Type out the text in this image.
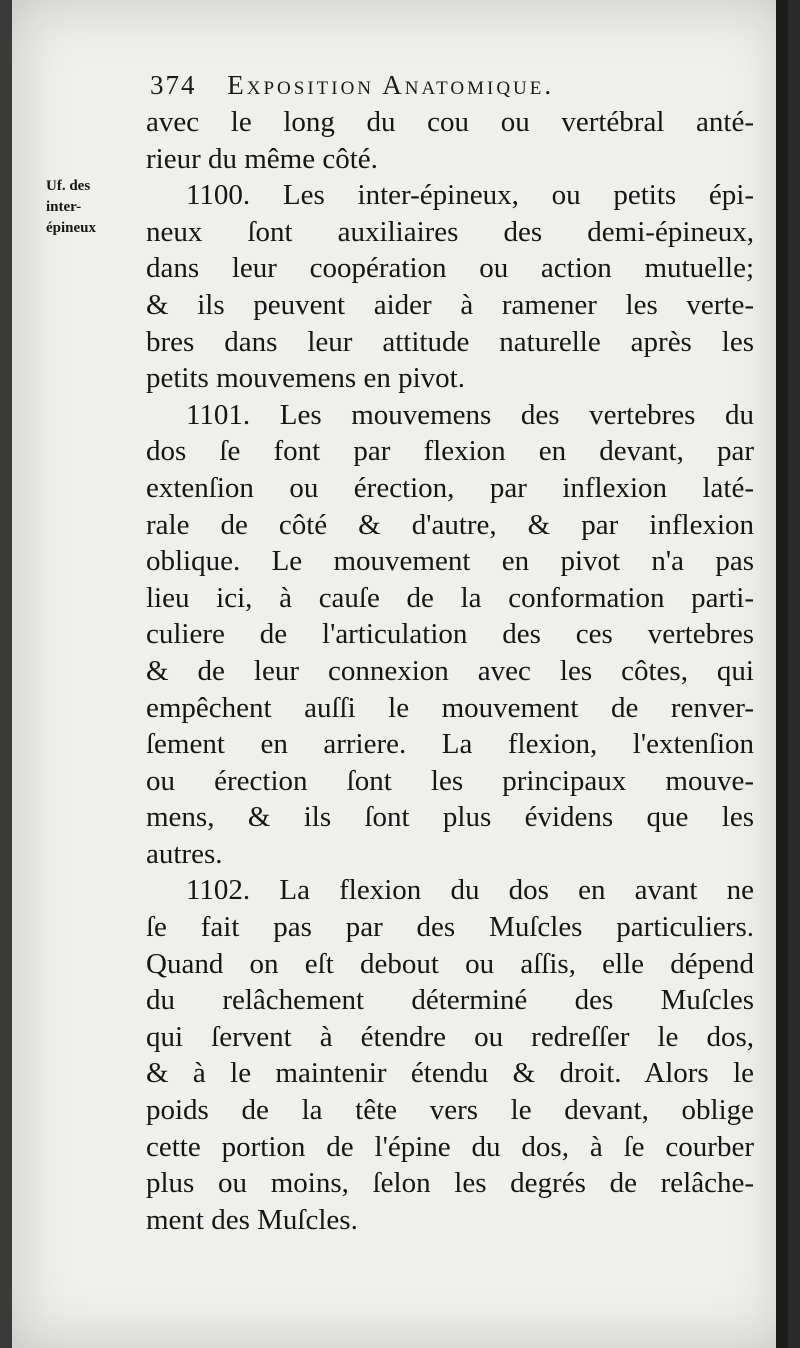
374 Exposition Anatomique.
Uf. des
inter-
épineux
avec le long du cou ou vertébral anté-
rieur du même côté.
1100. Les inter-épineux, ou petits épi-
neux ſont auxiliaires des demi-épineux,
dans leur coopération ou action mutuelle;
& ils peuvent aider à ramener les verte-
bres dans leur attitude naturelle après les
petits mouvemens en pivot.
1101. Les mouvemens des vertebres du
dos ſe font par flexion en devant, par
extenſion ou érection, par inflexion laté-
rale de côté & d'autre, & par inflexion
oblique. Le mouvement en pivot n'a pas
lieu ici, à cauſe de la conformation parti-
culiere de l'articulation des ces vertebres
& de leur connexion avec les côtes, qui
empêchent auſſi le mouvement de renver-
ſement en arriere. La flexion, l'extenſion
ou érection ſont les principaux mouve-
mens, & ils ſont plus évidens que les
autres.
1102. La flexion du dos en avant ne
ſe fait pas par des Muſcles particuliers.
Quand on eſt debout ou aſſis, elle dépend
du relâchement déterminé des Muſcles
qui ſervent à étendre ou redreſſer le dos,
& à le maintenir étendu & droit. Alors le
poids de la tête vers le devant, oblige
cette portion de l'épine du dos, à ſe courber
plus ou moins, ſelon les degrés de relâche-
ment des Muſcles.
